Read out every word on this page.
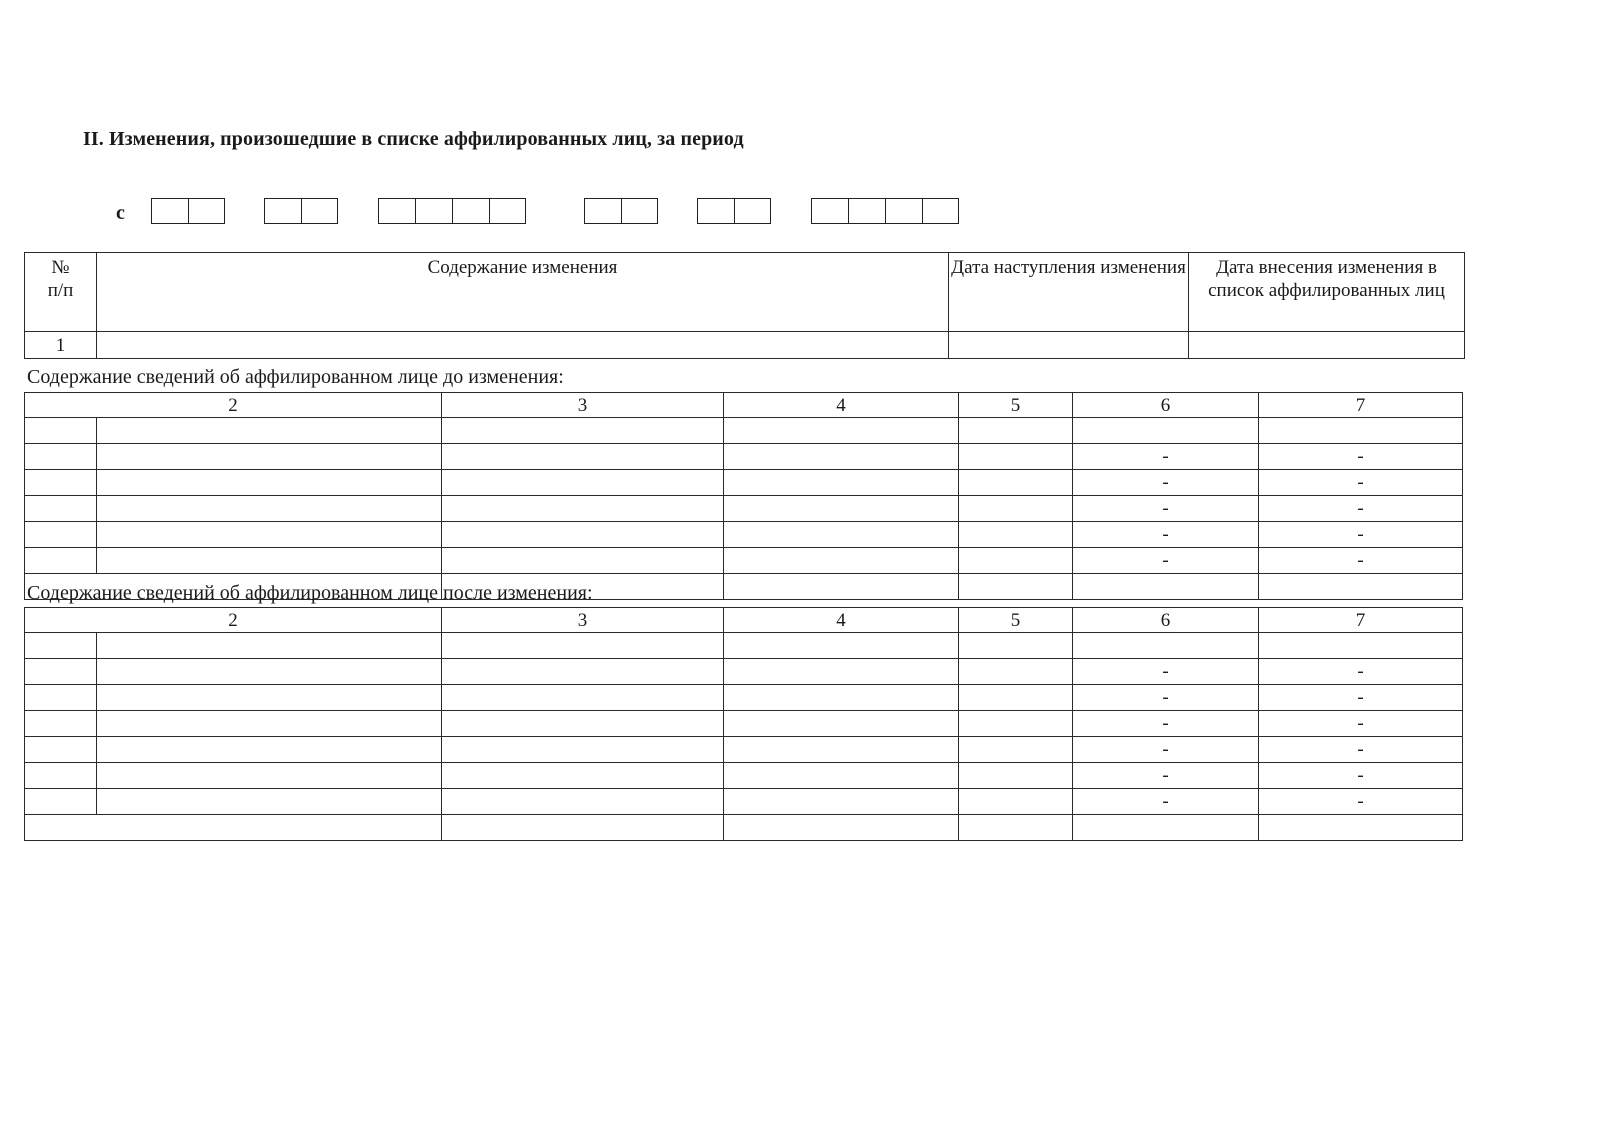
II. Изменения, произошедшие в списке аффилированных лиц, за период
с
№
п/п	Содержание изменения	Дата наступления изменения	Дата внесения изменения в список аффилированных лиц
1			
Содержание сведений об аффилированном лице до изменения:
2		3	4	5	6	7

					-	-
					-	-
					-	-
					-	-
					-	-

Содержание сведений об аффилированном лице после изменения:
2		3	4	5	6	7

					-	-
					-	-
					-	-
					-	-
					-	-
					-	-
